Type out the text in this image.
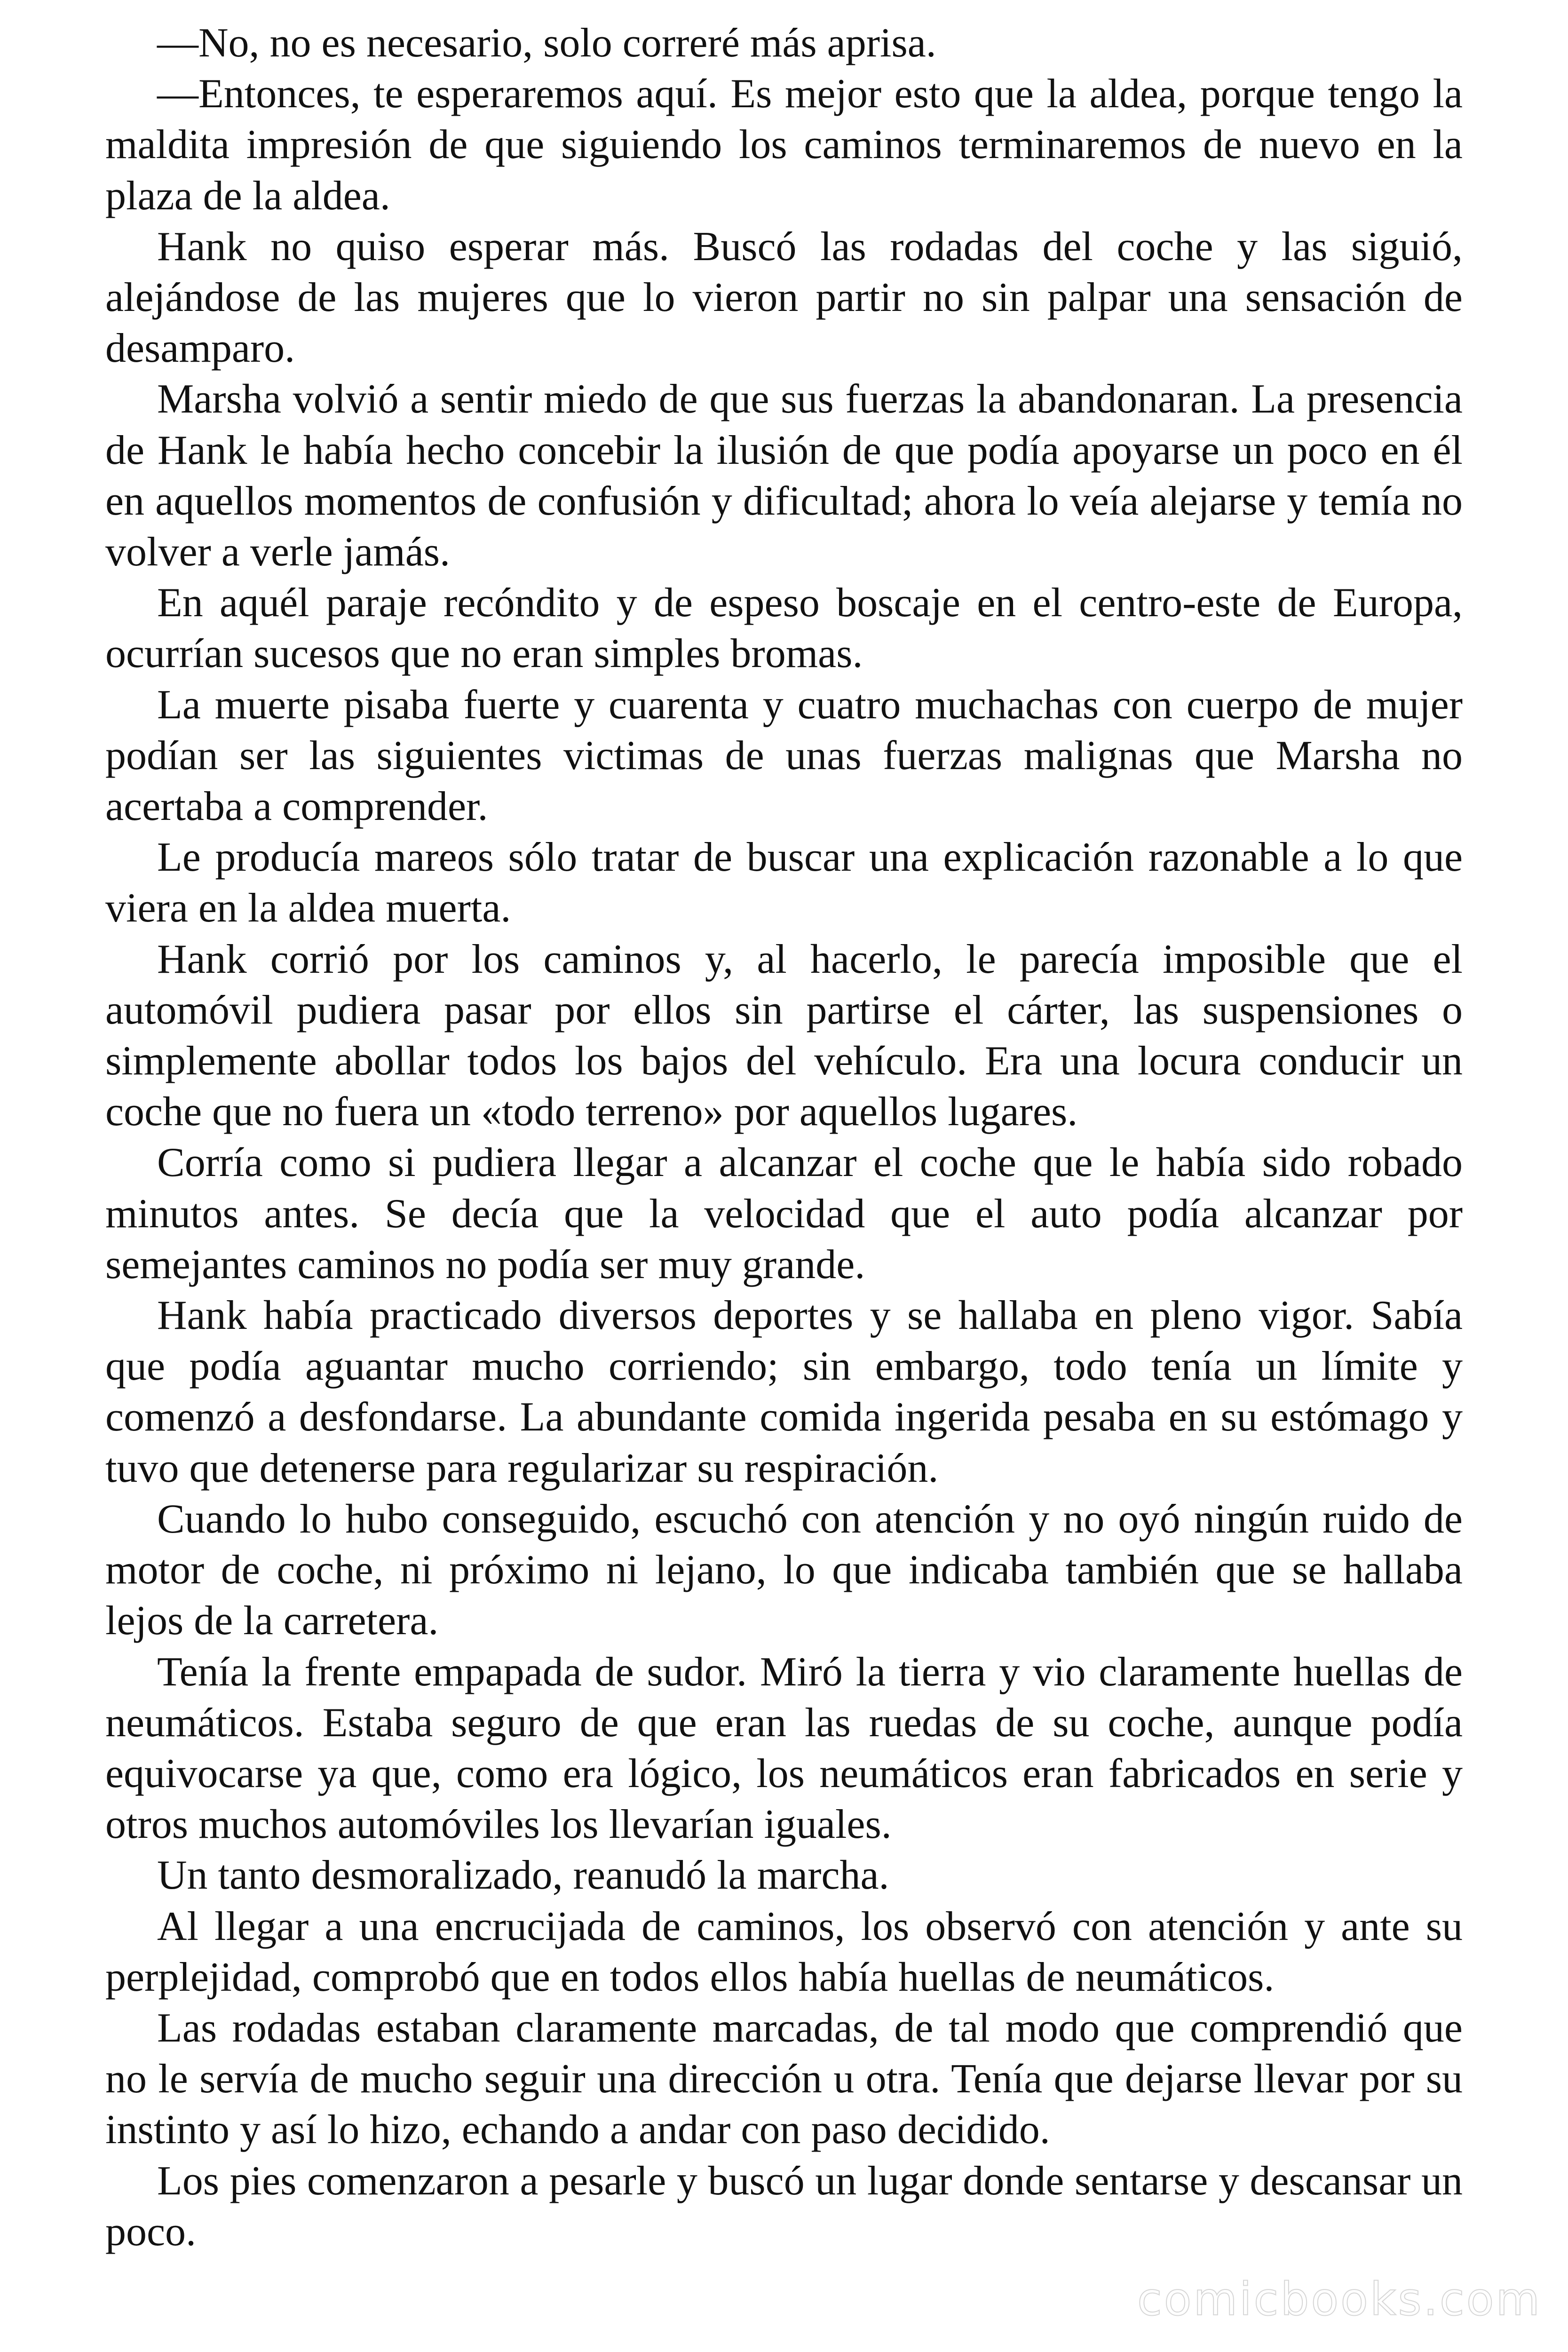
—No, no es necesario, solo correré más aprisa.

—Entonces, te esperaremos aquí. Es mejor esto que la aldea, porque tengo la maldita impresión de que siguiendo los caminos terminaremos de nuevo en la plaza de la aldea.

Hank no quiso esperar más. Buscó las rodadas del coche y las siguió, alejándose de las mujeres que lo vieron partir no sin palpar una sensación de desamparo.

Marsha volvió a sentir miedo de que sus fuerzas la abandonaran. La presencia de Hank le había hecho concebir la ilusión de que podía apoyarse un poco en él en aquellos momentos de confusión y dificultad; ahora lo veía alejarse y temía no volver a verle jamás.

En aquél paraje recóndito y de espeso boscaje en el centro-este de Europa, ocurrían sucesos que no eran simples bromas.

La muerte pisaba fuerte y cuarenta y cuatro muchachas con cuerpo de mujer podían ser las siguientes victimas de unas fuerzas malignas que Marsha no acertaba a comprender.

Le producía mareos sólo tratar de buscar una explicación razonable a lo que viera en la aldea muerta.

Hank corrió por los caminos y, al hacerlo, le parecía imposible que el automóvil pudiera pasar por ellos sin partirse el cárter, las suspensiones o simplemente abollar todos los bajos del vehículo. Era una locura conducir un coche que no fuera un «todo terreno» por aquellos lugares.

Corría como si pudiera llegar a alcanzar el coche que le había sido robado minutos antes. Se decía que la velocidad que el auto podía alcanzar por semejantes caminos no podía ser muy grande.

Hank había practicado diversos deportes y se hallaba en pleno vigor. Sabía que podía aguantar mucho corriendo; sin embargo, todo tenía un límite y comenzó a desfondarse. La abundante comida ingerida pesaba en su estómago y tuvo que detenerse para regularizar su respiración.

Cuando lo hubo conseguido, escuchó con atención y no oyó ningún ruido de motor de coche, ni próximo ni lejano, lo que indicaba también que se hallaba lejos de la carretera.

Tenía la frente empapada de sudor. Miró la tierra y vio claramente huellas de neumáticos. Estaba seguro de que eran las ruedas de su coche, aunque podía equivocarse ya que, como era lógico, los neumáticos eran fabricados en serie y otros muchos automóviles los llevarían iguales.

Un tanto desmoralizado, reanudó la marcha.

Al llegar a una encrucijada de caminos, los observó con atención y ante su perplejidad, comprobó que en todos ellos había huellas de neumáticos.

Las rodadas estaban claramente marcadas, de tal modo que comprendió que no le servía de mucho seguir una dirección u otra. Tenía que dejarse llevar por su instinto y así lo hizo, echando a andar con paso decidido.

Los pies comenzaron a pesarle y buscó un lugar donde sentarse y descansar un poco.

comicbooks.com
